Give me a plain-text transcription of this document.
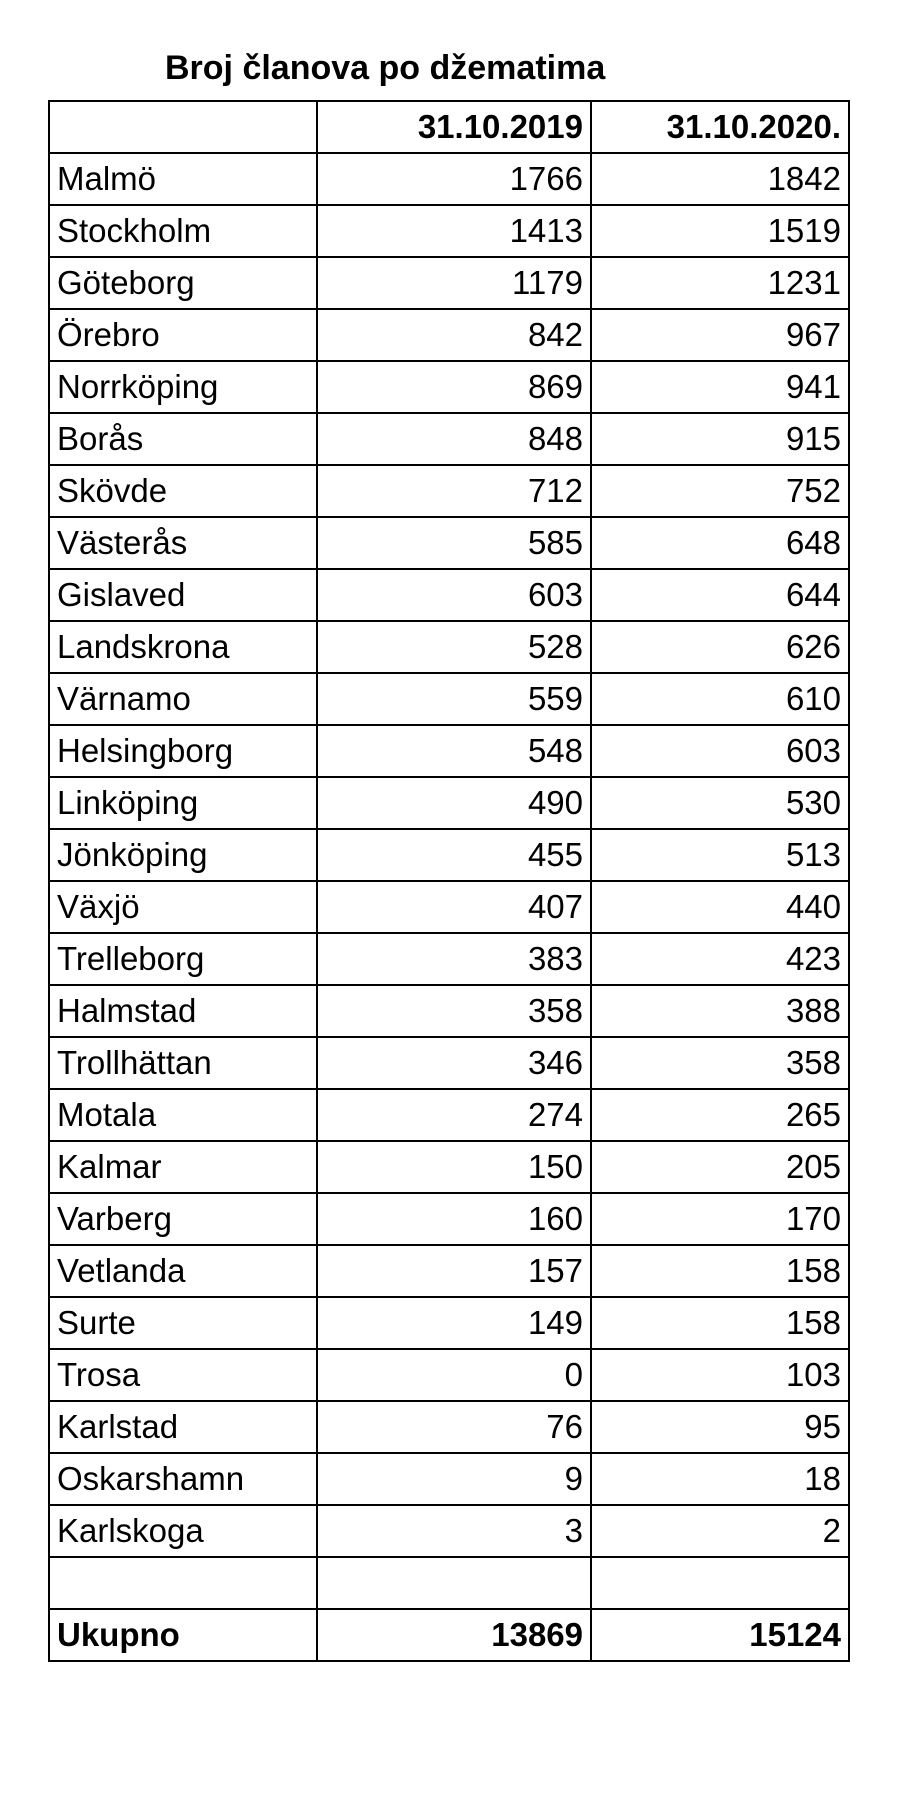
Broj članova po džematima
	31.10.2019	31.10.2020.
Malmö	1766	1842
Stockholm	1413	1519
Göteborg	1179	1231
Örebro	842	967
Norrköping	869	941
Borås	848	915
Skövde	712	752
Västerås	585	648
Gislaved	603	644
Landskrona	528	626
Värnamo	559	610
Helsingborg	548	603
Linköping	490	530
Jönköping	455	513
Växjö	407	440
Trelleborg	383	423
Halmstad	358	388
Trollhättan	346	358
Motala	274	265
Kalmar	150	205
Varberg	160	170
Vetlanda	157	158
Surte	149	158
Trosa	0	103
Karlstad	76	95
Oskarshamn	9	18
Karlskoga	3	2

Ukupno	13869	15124
